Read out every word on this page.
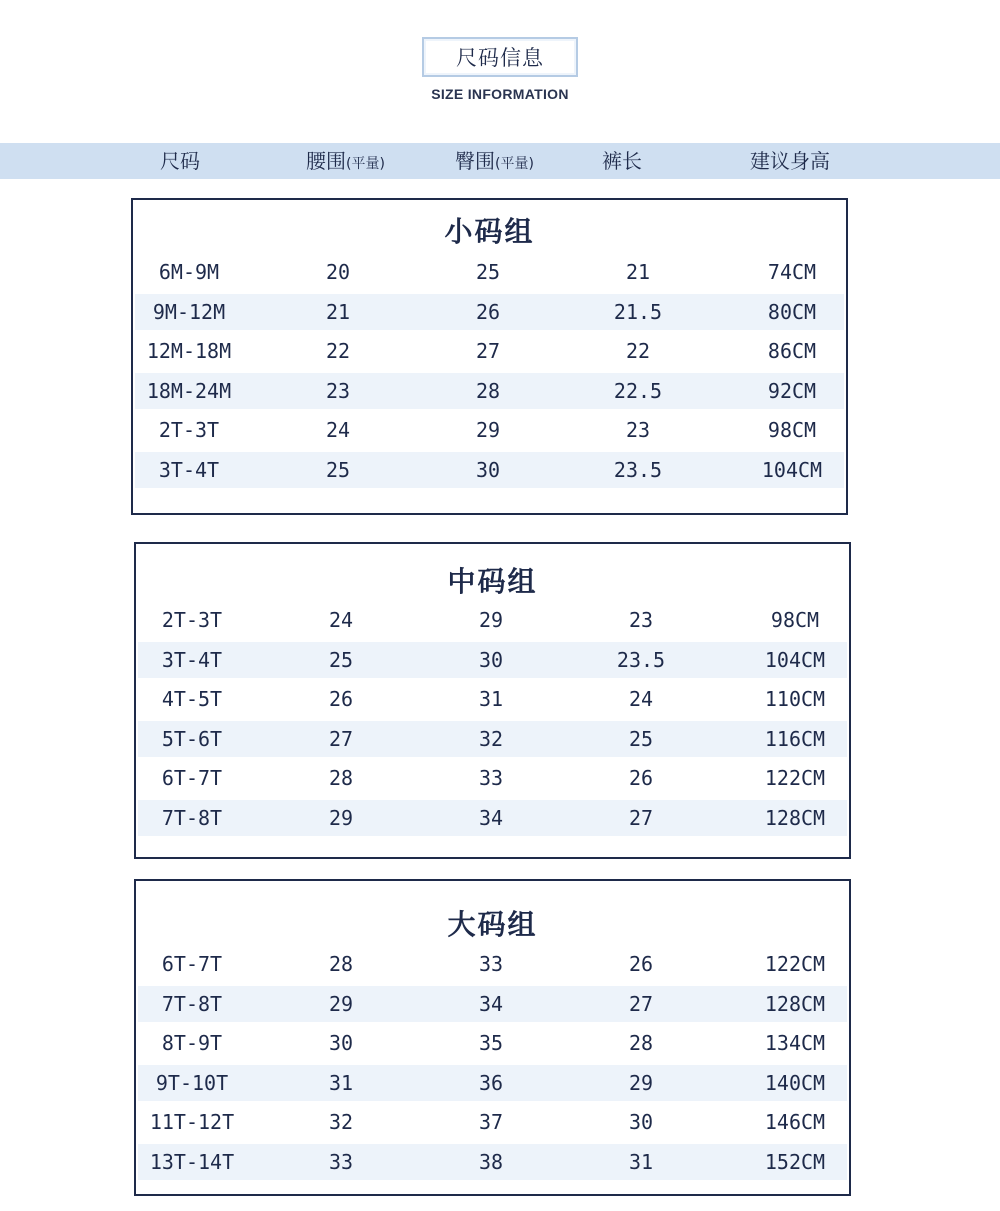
尺码信息
SIZE INFORMATION
尺码	腰围(平量)	臀围(平量)	裤长	建议身高
小码组
6M-9M	20	25	21	74CM
9M-12M	21	26	21.5	80CM
12M-18M	22	27	22	86CM
18M-24M	23	28	22.5	92CM
2T-3T	24	29	23	98CM
3T-4T	25	30	23.5	104CM
中码组
2T-3T	24	29	23	98CM
3T-4T	25	30	23.5	104CM
4T-5T	26	31	24	110CM
5T-6T	27	32	25	116CM
6T-7T	28	33	26	122CM
7T-8T	29	34	27	128CM
大码组
6T-7T	28	33	26	122CM
7T-8T	29	34	27	128CM
8T-9T	30	35	28	134CM
9T-10T	31	36	29	140CM
11T-12T	32	37	30	146CM
13T-14T	33	38	31	152CM
